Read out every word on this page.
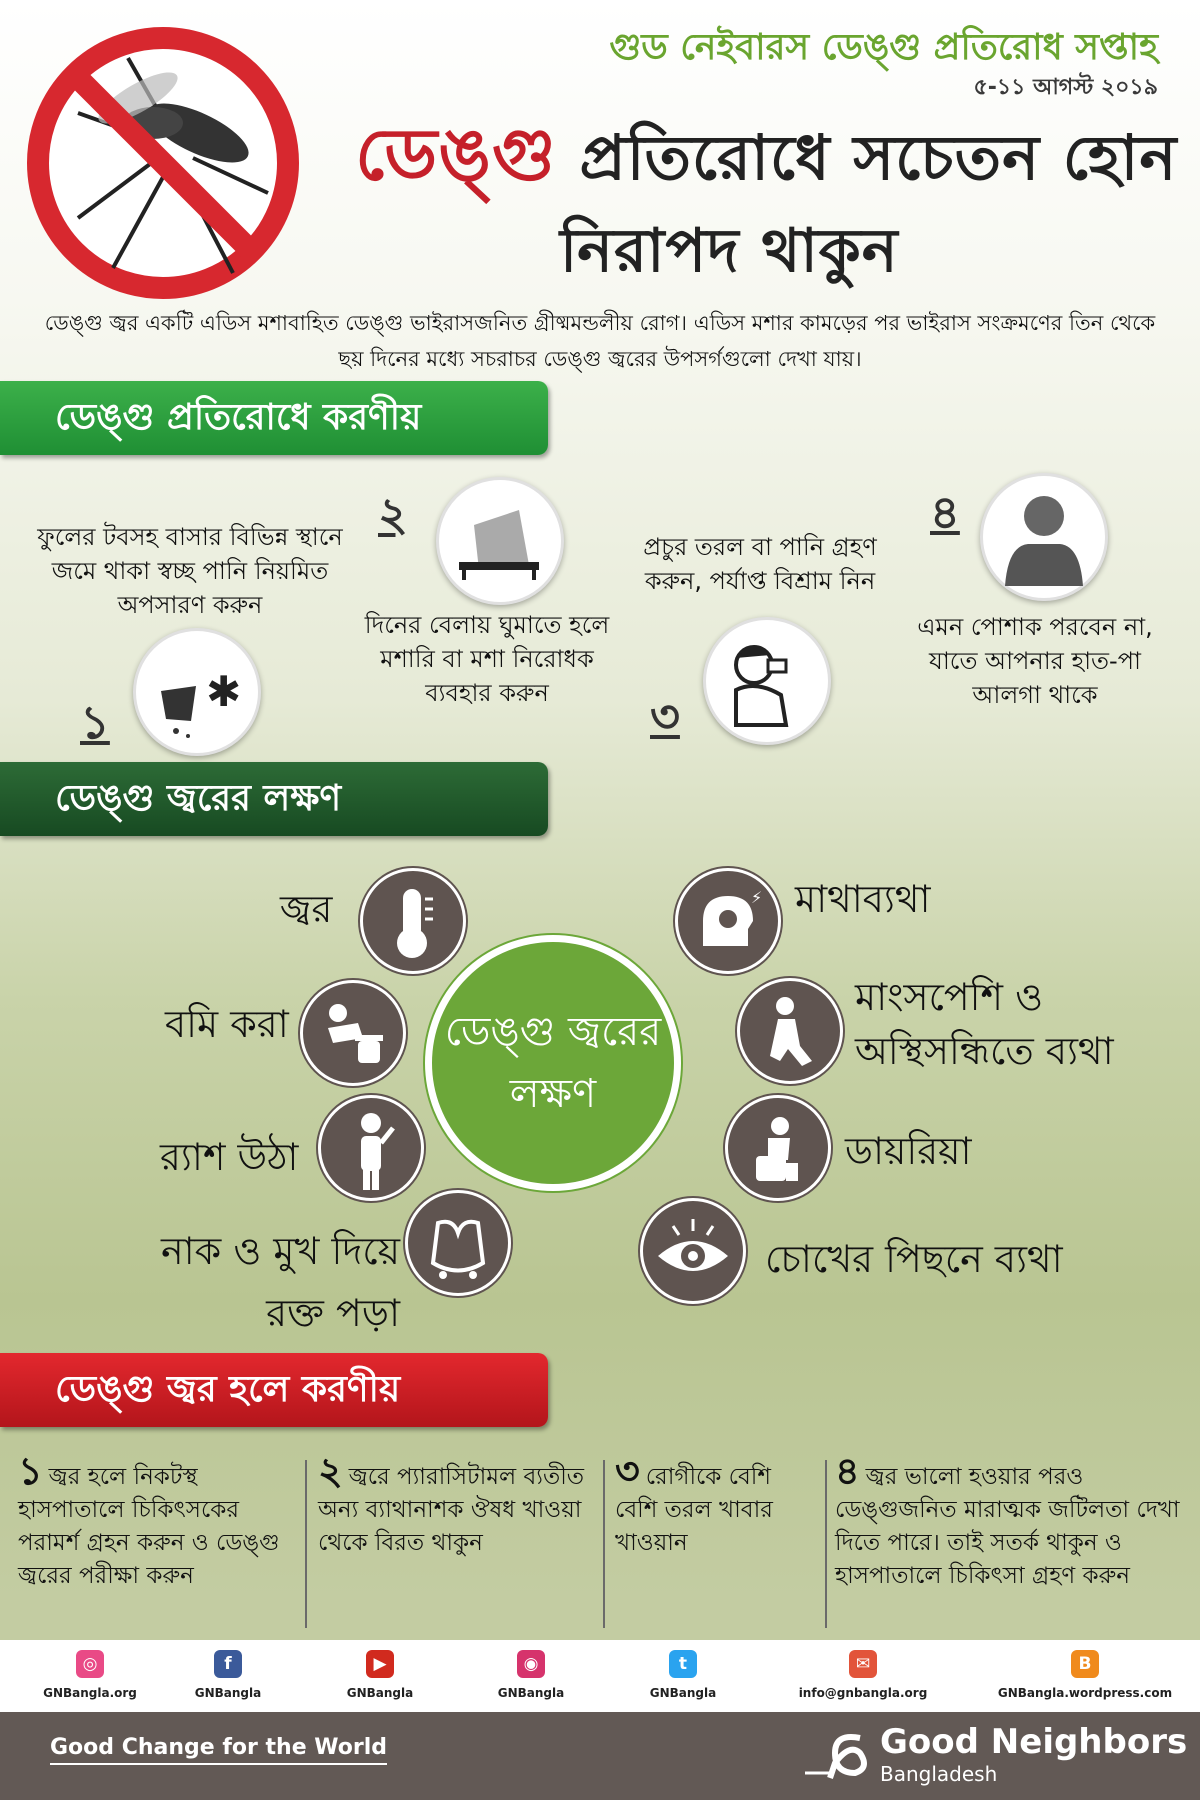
গুড নেইবারস ডেঙ্গু প্রতিরোধ সপ্তাহ
৫-১১ আগস্ট ২০১৯
ডেঙ্গু প্রতিরোধে সচেতন হোন
নিরাপদ থাকুন
ডেঙ্গু জ্বর একটি এডিস মশাবাহিত ডেঙ্গু ভাইরাসজনিত গ্রীষ্মমন্ডলীয় রোগ। এডিস মশার কামড়ের পর ভাইরাস সংক্রমণের তিন থেকে ছয় দিনের মধ্যে সচরাচর ডেঙ্গু জ্বরের উপসর্গগুলো দেখা যায়।
ডেঙ্গু প্রতিরোধে করণীয়
ফুলের টবসহ বাসার বিভিন্ন স্থানে জমে থাকা স্বচ্ছ পানি নিয়মিত অপসারণ করুন
✱
১
২
দিনের বেলায় ঘুমাতে হলে মশারি বা মশা নিরোধক ব্যবহার করুন
প্রচুর তরল বা পানি গ্রহণ করুন, পর্যাপ্ত বিশ্রাম নিন
৩
৪
এমন পোশাক পরবেন না, যাতে আপনার হাত-পা আলগা থাকে
ডেঙ্গু জ্বরের লক্ষণ
ডেঙ্গু জ্বরের লক্ষণ
জ্বর
বমি করা
র‍্যাশ উঠা
নাক ও মুখ দিয়ে রক্ত পড়া
⚡ মাথাব্যথা
মাংসপেশি ও অস্থিসন্ধিতে ব্যথা
ডায়রিয়া
চোখের পিছনে ব্যথা
ডেঙ্গু জ্বর হলে করণীয়
১ জ্বর হলে নিকটস্থ হাসপাতালে চিকিৎসকের পরামর্শ গ্রহন করুন ও ডেঙ্গু জ্বরের পরীক্ষা করুন
২ জ্বরে প্যারাসিটামল ব্যতীত অন্য ব্যাথানাশক ঔষধ খাওয়া থেকে বিরত থাকুন
৩ রোগীকে বেশি বেশি তরল খাবার খাওয়ান
৪ জ্বর ভালো হওয়ার পরও ডেঙ্গুজনিত মারাত্মক জটিলতা দেখা দিতে পারে। তাই সতর্ক থাকুন ও হাসপাতালে চিকিৎসা গ্রহণ করুন
◎
GNBangla.org
f
GNBangla
▶
GNBangla
◉
GNBangla
t
GNBangla
✉
info@gnbangla.org
B
GNBangla.wordpress.com
Good Change for the World	Good Neighbors
Bangladesh
